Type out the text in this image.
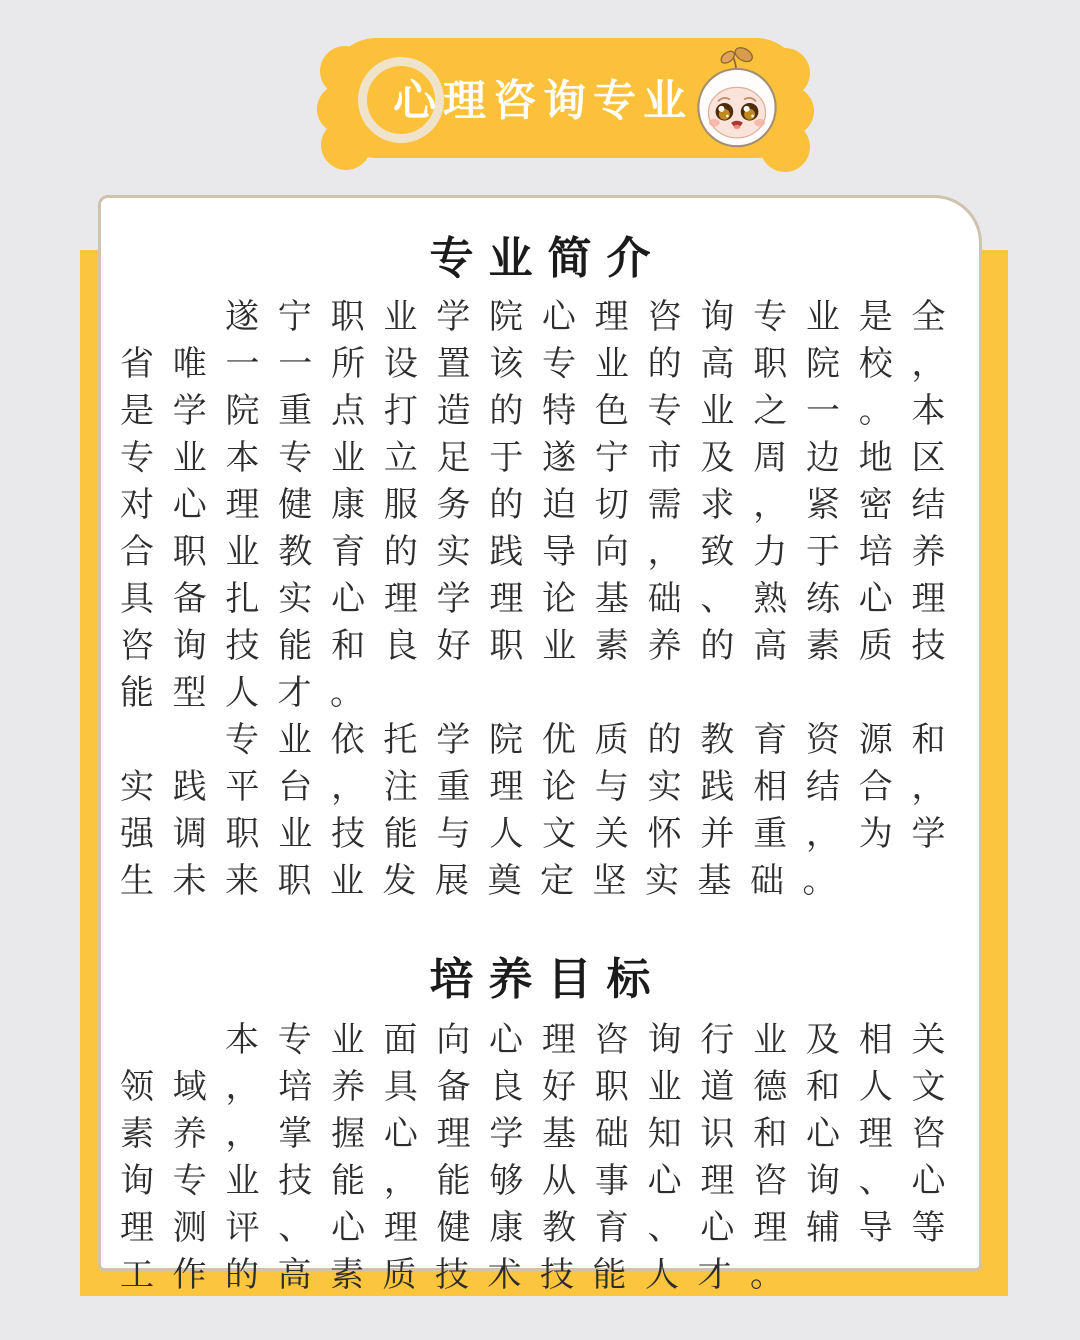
心理咨询专业
专业简介

遂宁职业学院心理咨询专业是全省唯一一所设置该专业的高职院校，是学院重点打造的特色专业之一。本专业本专业立足于遂宁市及周边地区对心理健康服务的迫切需求，紧密结合职业教育的实践导向，致力于培养具备扎实心理学理论基础、熟练心理咨询技能和良好职业素养的高素质技能型人才。

专业依托学院优质的教育资源和实践平台，注重理论与实践相结合，强调职业技能与人文关怀并重，为学生未来职业发展奠定坚实基础。

培养目标

本专业面向心理咨询行业及相关领域，培养具备良好职业道德和人文素养，掌握心理学基础知识和心理咨询专业技能，能够从事心理咨询、心理测评、心理健康教育、心理辅导等工作的高素质技术技能人才。
